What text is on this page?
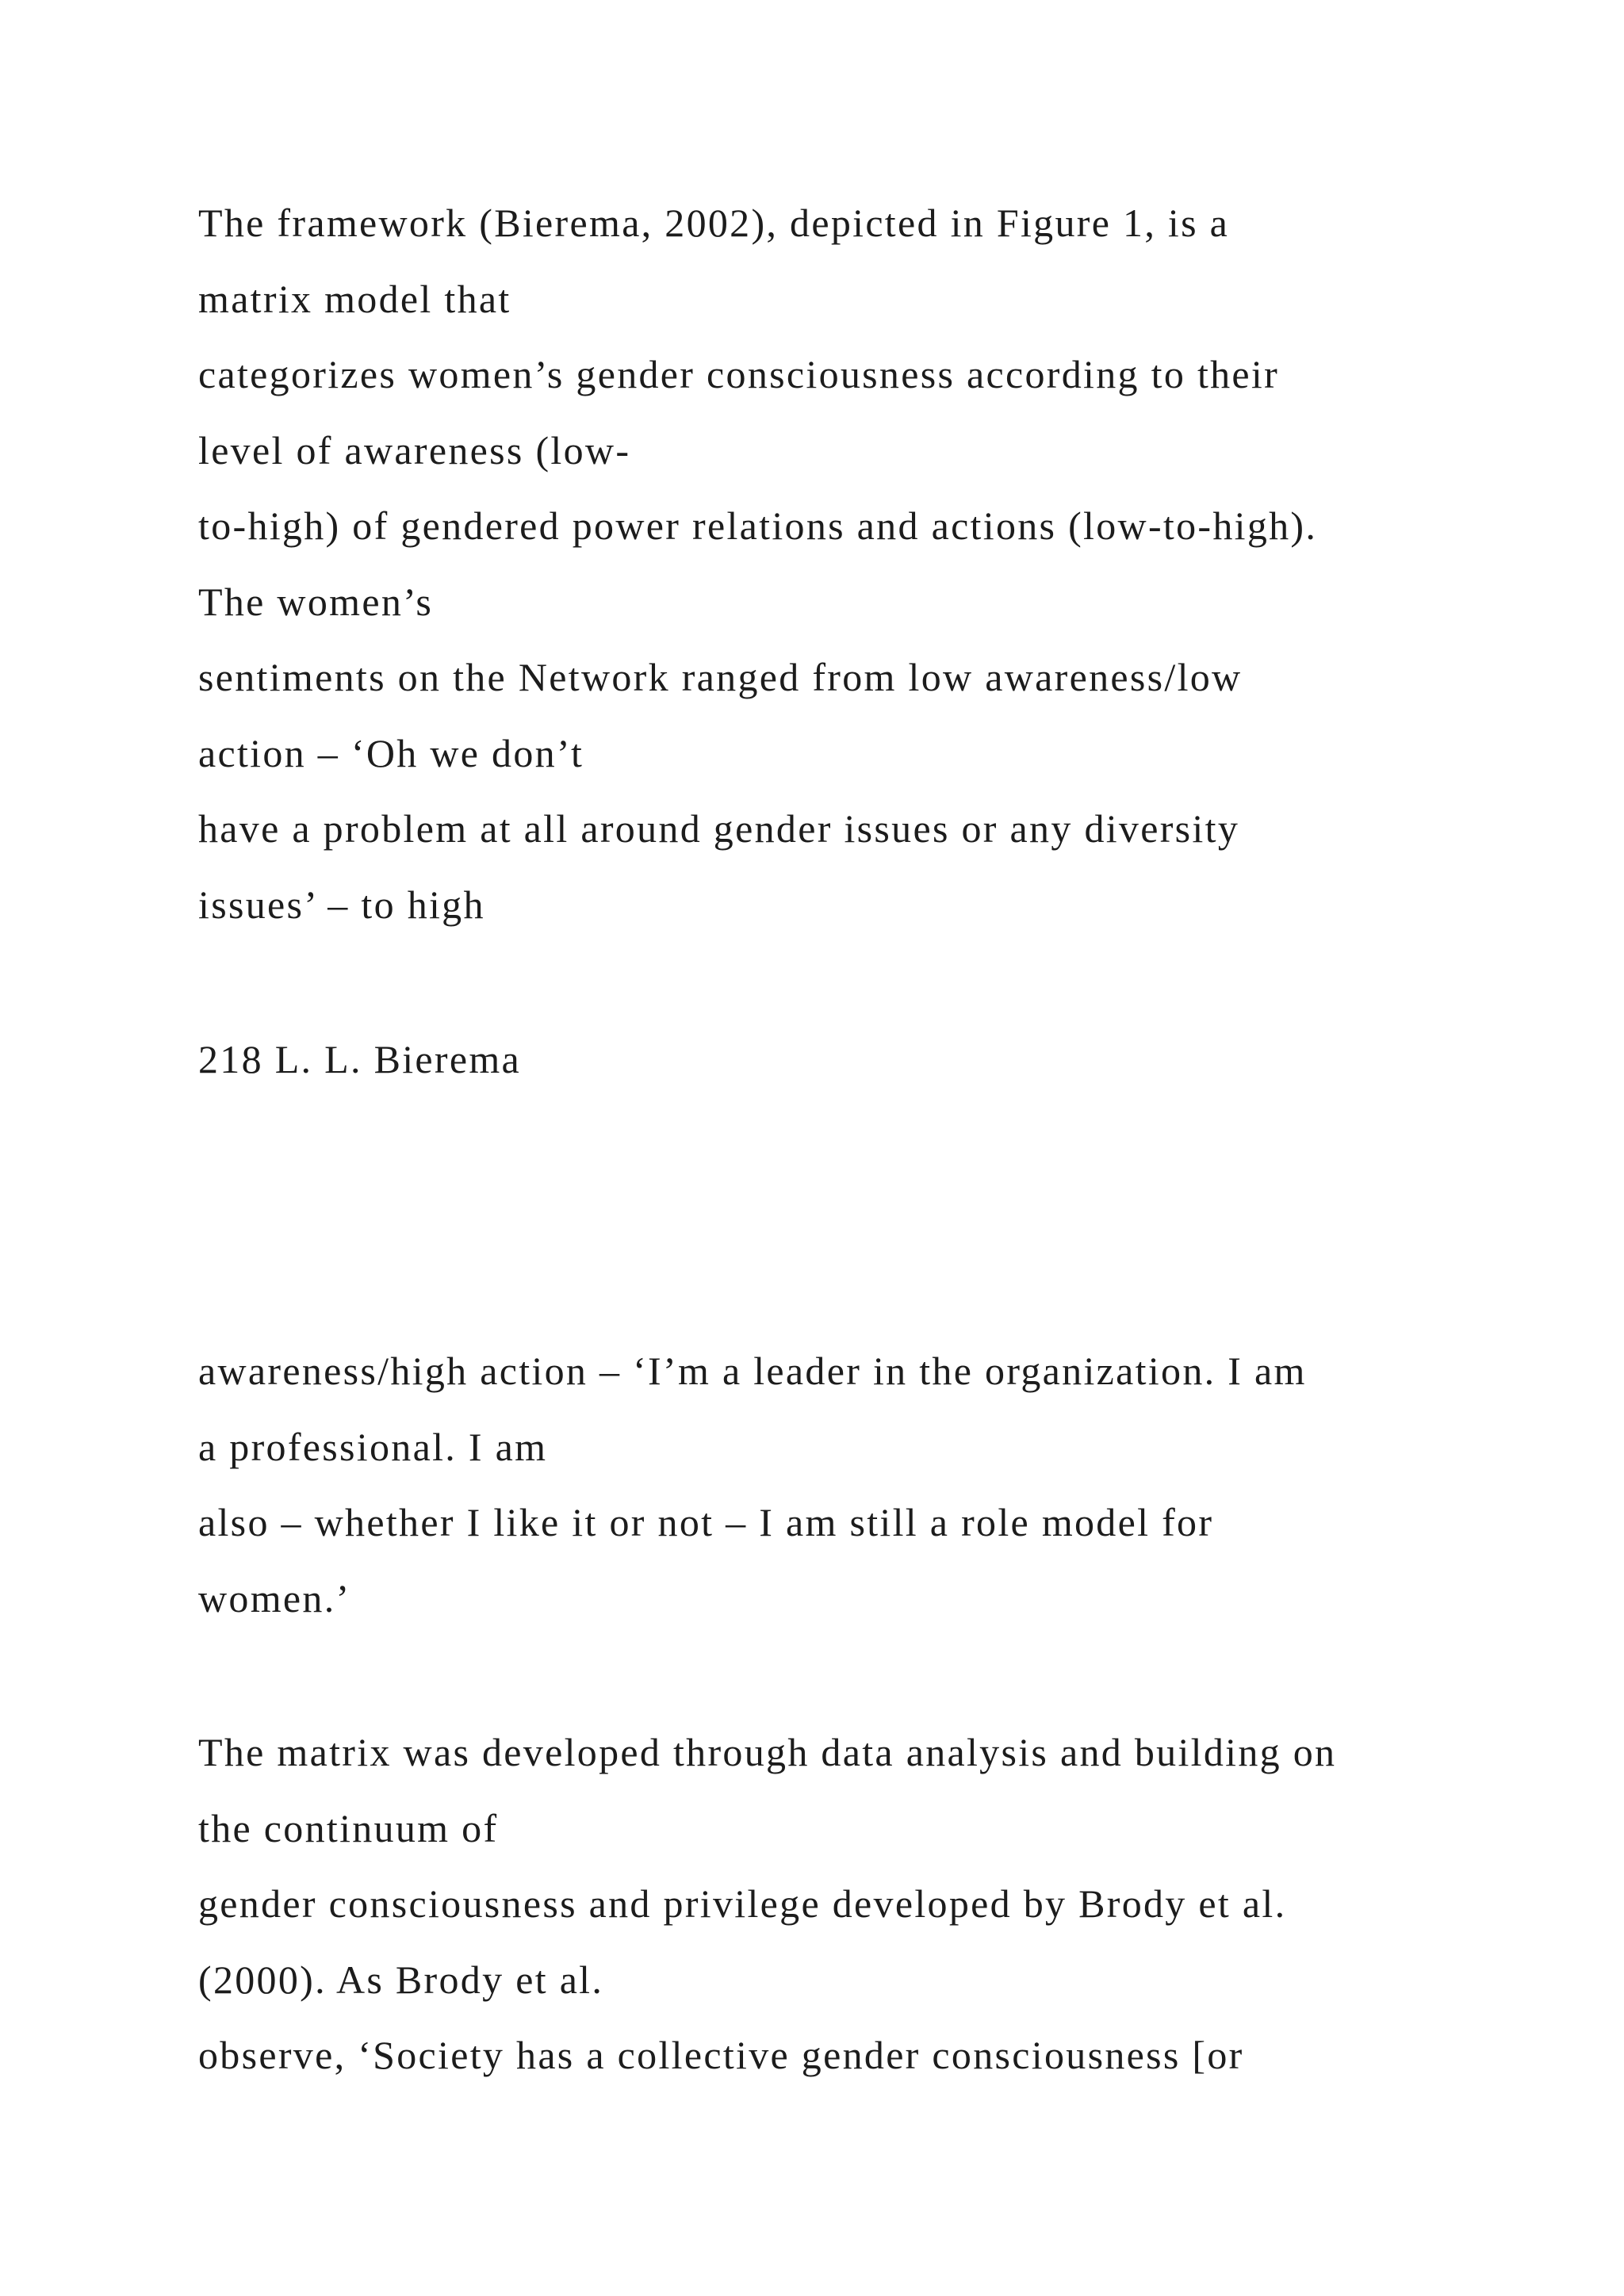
The framework (Bierema, 2002), depicted in Figure 1, is a
matrix model that
categorizes women’s gender consciousness according to their
level of awareness (low-
to-high) of gendered power relations and actions (low-to-high).
The women’s
sentiments on the Network ranged from low awareness/low
action – ‘Oh we don’t
have a problem at all around gender issues or any diversity
issues’ – to high
218 L. L. Bierema
awareness/high action – ‘I’m a leader in the organization. I am
a professional. I am
also – whether I like it or not – I am still a role model for
women.’
The matrix was developed through data analysis and building on
the continuum of
gender consciousness and privilege developed by Brody et al.
(2000). As Brody et al.
observe, ‘Society has a collective gender consciousness [or
